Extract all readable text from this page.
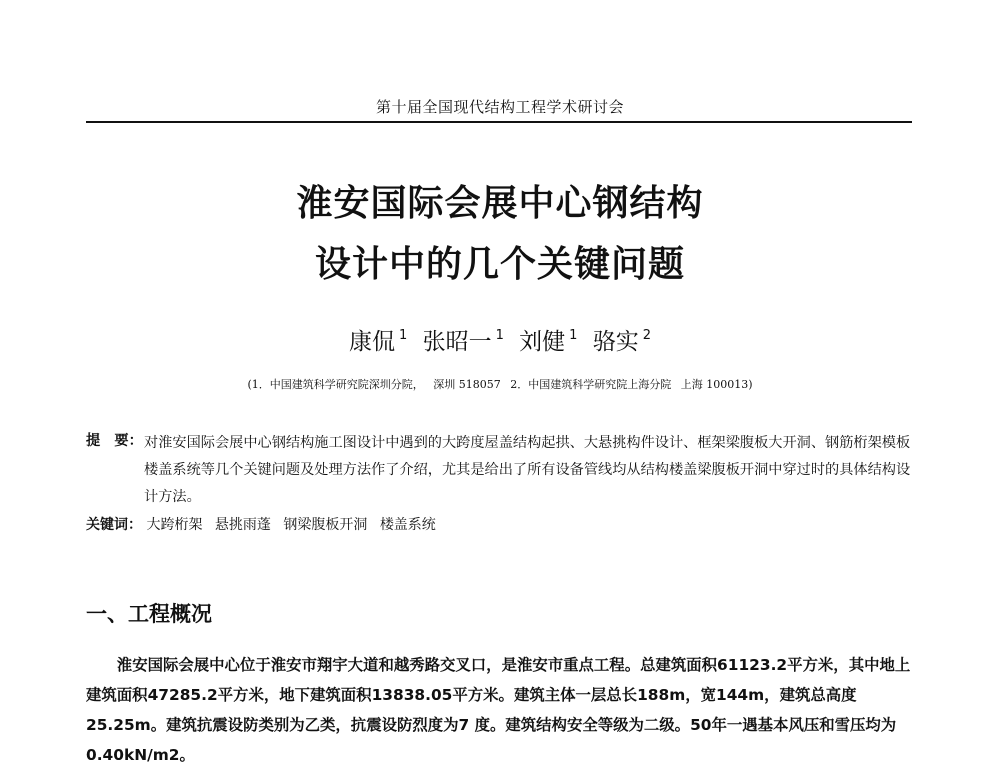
第十届全国现代结构工程学术研讨会
淮安国际会展中心钢结构
设计中的几个关键问题
康侃 $^1$ 张昭一 $^1$ 刘健 $^1$ 骆实 $^2$
(1．中国建筑科学研究院深圳分院， 深圳 518057 2．中国建筑科学研究院上海分院 上海 100013)
提　要： 对淮安国际会展中心钢结构施工图设计中遇到的大跨度屋盖结构起拱、大悬挑构件设计、框架梁腹板大开洞、钢筋桁架模板楼盖系统等几个关键问题及处理方法作了介绍，尤其是给出了所有设备管线均从结构楼盖梁腹板开洞中穿过时的具体结构设计方法。
关键词： 大跨桁架 悬挑雨蓬 钢梁腹板开洞 楼盖系统
一、工程概况
淮安国际会展中心位于淮安市翔宇大道和越秀路交叉口，是淮安市重点工程。总建筑面积61123.2平方米，其中地上建筑面积47285.2平方米，地下建筑面积13838.05平方米。建筑主体一层总长188m，宽144m，建筑总高度25.25m。建筑抗震设防类别为乙类，抗震设防烈度为7 度。建筑结构安全等级为二级。50年一遇基本风压和雪压均为0.40kN/m2。
